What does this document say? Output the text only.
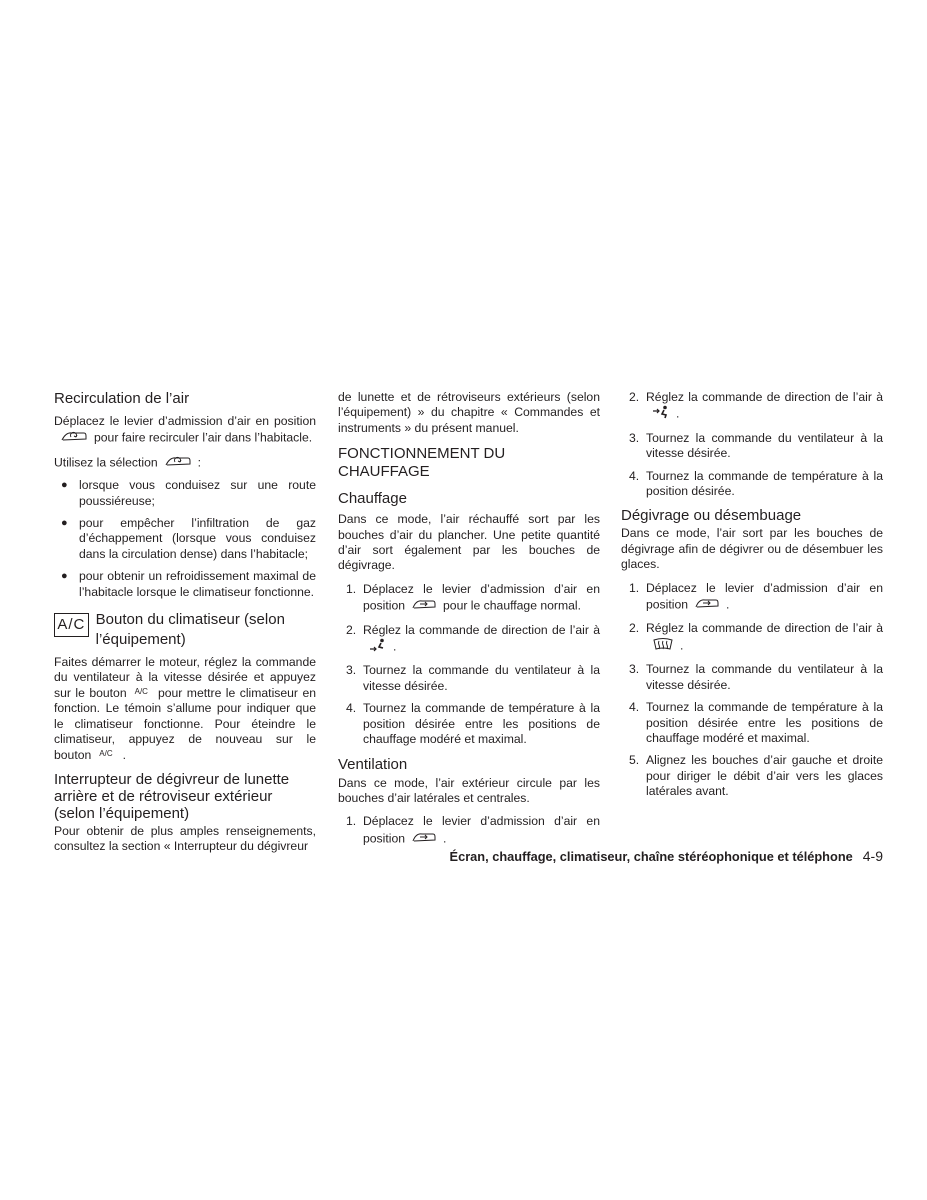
Recirculation de l’air
Déplacez le levier d’admission d’air en positionpour faire recirculer l’air dans l’habitacle.
Utilisez la sélection	:
● lorsque vous conduisez sur une route poussiéreuse;
● pour empêcher l’infiltration de gaz d’échappement (lorsque vous conduisez dans la circulation dense) dans l’habitacle;
● pour obtenir un refroidissement maximal de l’habitacle lorsque le climatiseur fonctionne.
A/C Bouton du climatiseur (selon l’équipement)
Faites démarrer le moteur, réglez la commande du ventilateur à la vitesse désirée et appuyez sur le bouton $^{A/C}$ pour mettre le climatiseur en fonction. Le témoin s’allume pour indiquer que le climatiseur fonctionne. Pour éteindre le climatiseur, appuyez de nouveau sur le bouton $^{A/C}$ .
Interrupteur de dégivreur de lunette arrière et de rétroviseur extérieur (selon l’équipement)
Pour obtenir de plus amples renseignements, consultez la section « Interrupteur du dégivreur
de lunette et de rétroviseurs extérieurs (selon l’équipement) » du chapitre « Commandes et instruments » du présent manuel.
FONCTIONNEMENT DU CHAUFFAGE
Chauffage
Dans ce mode, l’air réchauffé sort par les bouches d’air du plancher. Une petite quantité d’air sort également par les bouches de dégivrage.
1. Déplacez le levier d’admission d’air en position	pour le chauffage normal.
2. Réglez la commande de direction de l’air à.
3. Tournez la commande du ventilateur à la vitesse désirée.
4. Tournez la commande de température à la position désirée entre les positions de chauffage modéré et maximal.
Ventilation
Dans ce mode, l’air extérieur circule par les bouches d’air latérales et centrales.
1. Déplacez le levier d’admission d’air en position	.
2. Réglez la commande de direction de l’air à.
3. Tournez la commande du ventilateur à la vitesse désirée.
4. Tournez la commande de température à la position désirée.
Dégivrage ou désembuage
Dans ce mode, l’air sort par les bouches de dégivrage afin de dégivrer ou de désembuer les glaces.
1. Déplacez le levier d’admission d’air en position	.
2. Réglez la commande de direction de l’air à.
3. Tournez la commande du ventilateur à la vitesse désirée.
4. Tournez la commande de température à la position désirée entre les positions de chauffage modéré et maximal.
5. Alignez les bouches d’air gauche et droite pour diriger le débit d’air vers les glaces latérales avant.
Écran, chauffage, climatiseur, chaîne stéréophonique et téléphone 4-9
